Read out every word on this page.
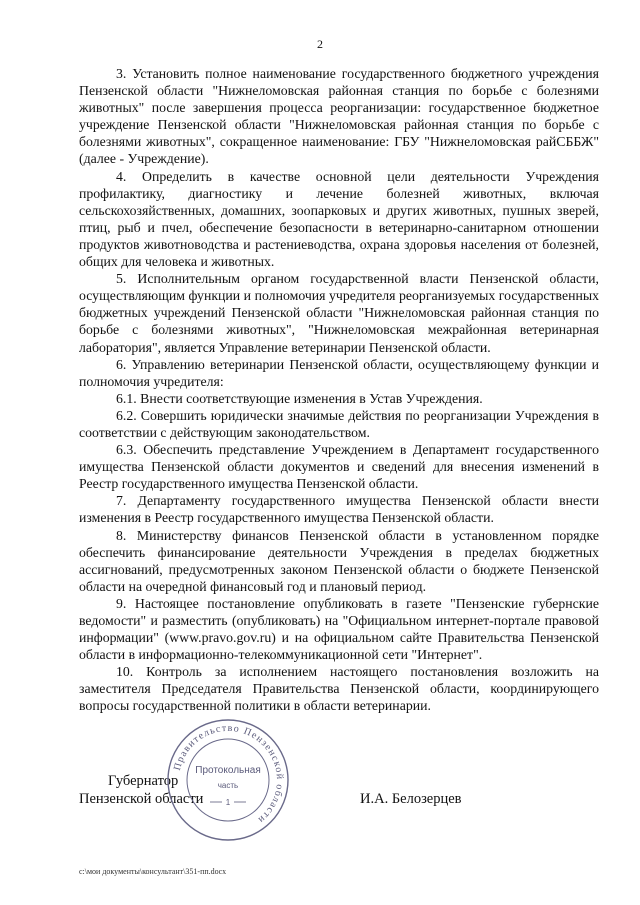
2

3. Установить полное наименование государственного бюджетного учреждения Пензенской области "Нижнеломовская районная станция по борьбе с болезнями животных" после завершения процесса реорганизации: государственное бюджетное учреждение Пензенской области "Нижнеломовская районная станция по борьбе с болезнями животных", сокращенное наименование: ГБУ "Нижнеломовская райСББЖ" (далее - Учреждение).

4. Определить в качестве основной цели деятельности Учреждения профилактику, диагностику и лечение болезней животных, включая сельскохозяйственных, домашних, зоопарковых и других животных, пушных зверей, птиц, рыб и пчел, обеспечение безопасности в ветеринарно-санитарном отношении продуктов животноводства и растениеводства, охрана здоровья населения от болезней, общих для человека и животных.

5. Исполнительным органом государственной власти Пензенской области, осуществляющим функции и полномочия учредителя реорганизуемых государственных бюджетных учреждений Пензенской области "Нижнеломовская районная станция по борьбе с болезнями животных", "Нижнеломовская межрайонная ветеринарная лаборатория", является Управление ветеринарии Пензенской области.

6. Управлению ветеринарии Пензенской области, осуществляющему функции и полномочия учредителя:

6.1. Внести соответствующие изменения в Устав Учреждения.

6.2. Совершить юридически значимые действия по реорганизации Учреждения в соответствии с действующим законодательством.

6.3. Обеспечить представление Учреждением в Департамент государственного имущества Пензенской области документов и сведений для внесения изменений в Реестр государственного имущества Пензенской области.

7. Департаменту государственного имущества Пензенской области внести изменения в Реестр государственного имущества Пензенской области.

8. Министерству финансов Пензенской области в установленном порядке обеспечить финансирование деятельности Учреждения в пределах бюджетных ассигнований, предусмотренных законом Пензенской области о бюджете Пензенской области на очередной финансовый год и плановый период.

9. Настоящее постановление опубликовать в газете "Пензенские губернские ведомости" и разместить (опубликовать) на "Официальном интернет-портале правовой информации" (www.pravo.gov.ru) и на официальном сайте Правительства Пензенской области в информационно-телекоммуникационной сети "Интернет".

10. Контроль за исполнением настоящего постановления возложить на заместителя Председателя Правительства Пензенской области, координирующего вопросы государственной политики в области ветеринарии.

Губернатор
Пензенской области	И.А. Белозерцев
Правительство Пензенской области
Протокольная
часть
1
c:\мои документы\консультант\351-пп.docx
